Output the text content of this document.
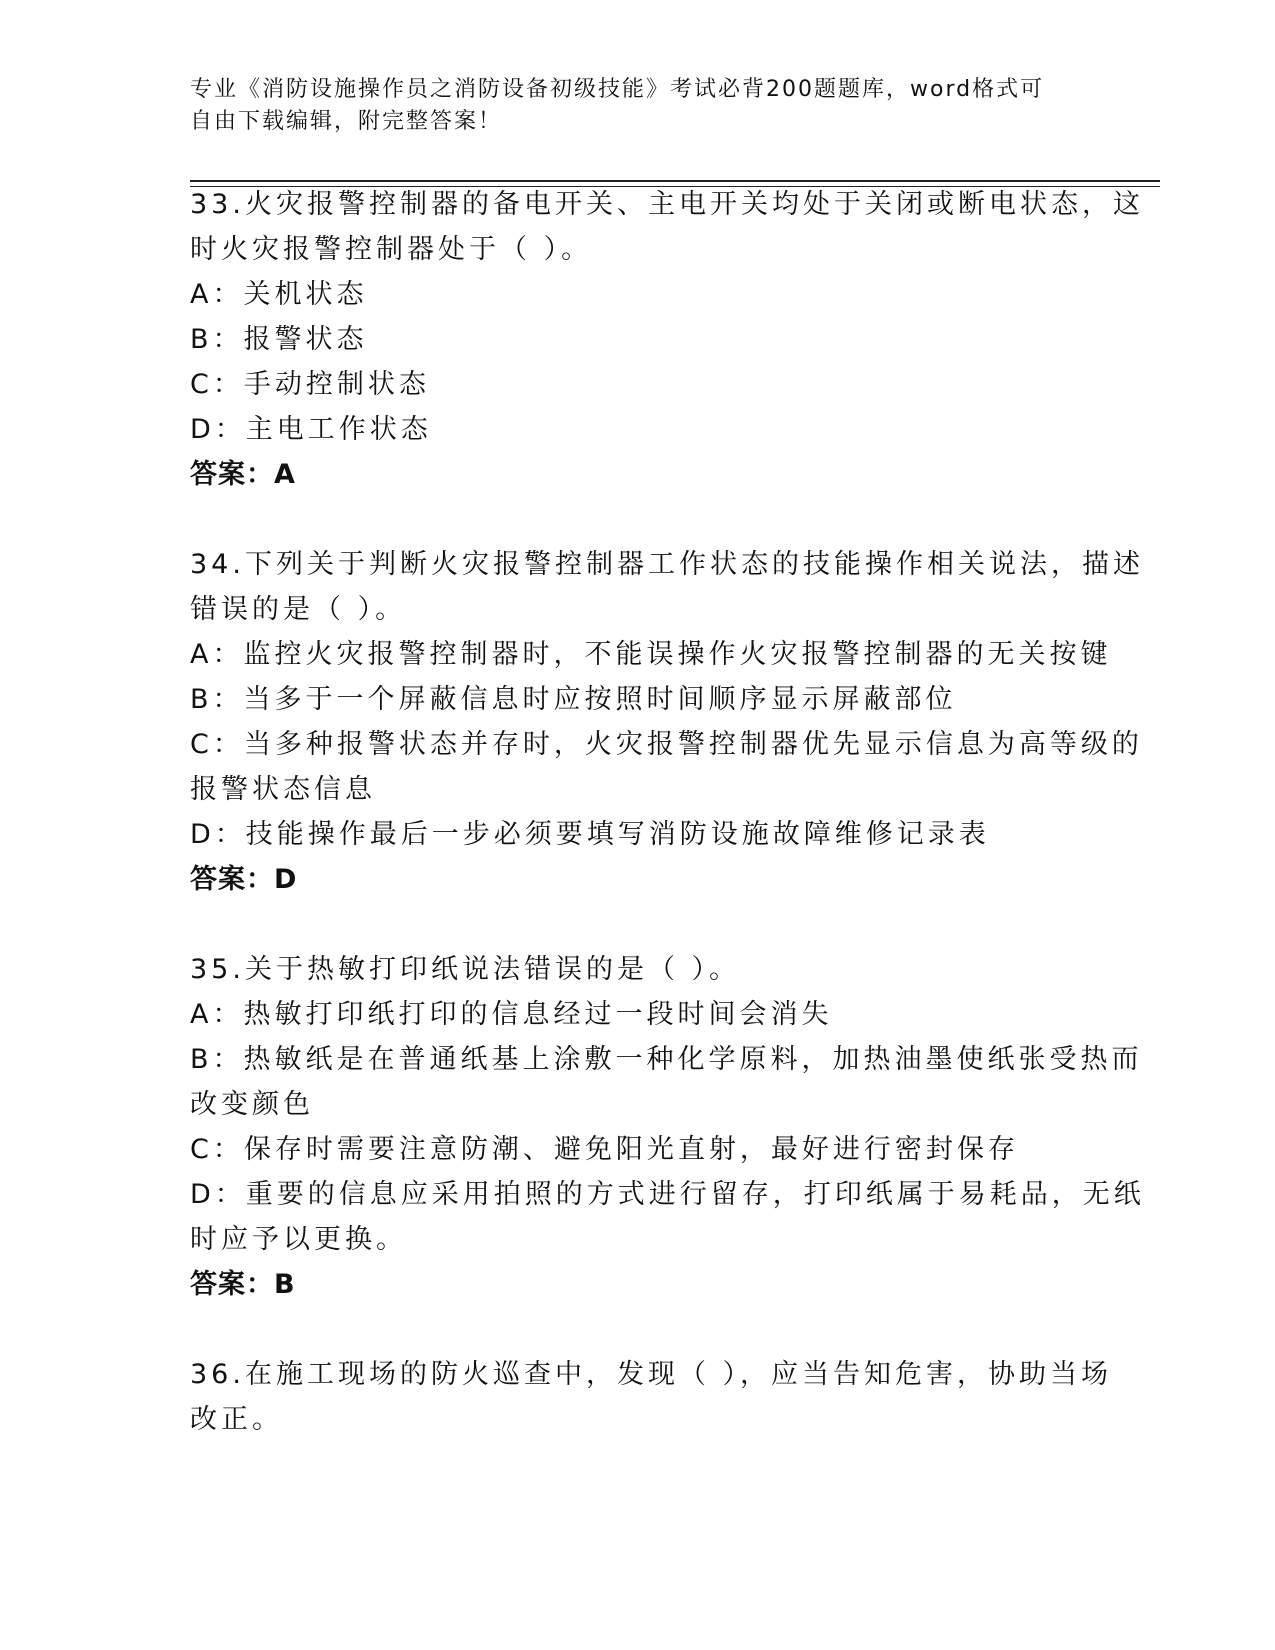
专业《消防设施操作员之消防设备初级技能》考试必背200题题库，word格式可
自由下载编辑，附完整答案！
33.火灾报警控制器的备电开关、主电开关均处于关闭或断电状态，这
时火灾报警控制器处于（ ）。
A：关机状态
B：报警状态
C：手动控制状态
D：主电工作状态
答案：A
34.下列关于判断火灾报警控制器工作状态的技能操作相关说法，描述
错误的是（ ）。
A：监控火灾报警控制器时，不能误操作火灾报警控制器的无关按键
B：当多于一个屏蔽信息时应按照时间顺序显示屏蔽部位
C：当多种报警状态并存时，火灾报警控制器优先显示信息为高等级的
报警状态信息
D：技能操作最后一步必须要填写消防设施故障维修记录表
答案：D
35.关于热敏打印纸说法错误的是（ ）。
A：热敏打印纸打印的信息经过一段时间会消失
B：热敏纸是在普通纸基上涂敷一种化学原料，加热油墨使纸张受热而
改变颜色
C：保存时需要注意防潮、避免阳光直射，最好进行密封保存
D：重要的信息应采用拍照的方式进行留存，打印纸属于易耗品，无纸
时应予以更换。
答案：B
36.在施工现场的防火巡查中，发现（ ），应当告知危害，协助当场
改正。
